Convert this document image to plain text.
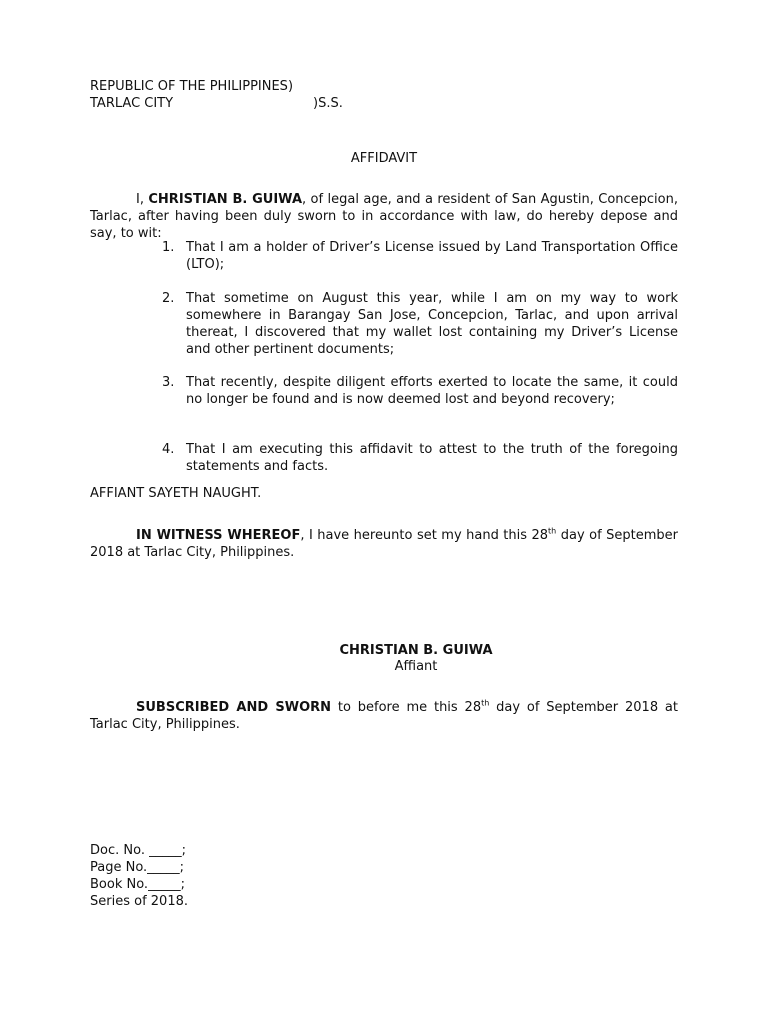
REPUBLIC OF THE PHILIPPINES)
TARLAC CITY	)S.S.
AFFIDAVIT

I, CHRISTIAN B. GUIWA, of legal age, and a resident of San Agustin, Concepcion, Tarlac, after having been duly sworn to in accordance with law, do hereby depose and say, to wit:

1. That I am a holder of Driver’s License issued by Land Transportation Office (LTO);
2. That sometime on August this year, while I am on my way to work somewhere in Barangay San Jose, Concepcion, Tarlac, and upon arrival thereat, I discovered that my wallet lost containing my Driver’s License and other pertinent documents;
3. That recently, despite diligent efforts exerted to locate the same, it could no longer be found and is now deemed lost and beyond recovery;
4. That I am executing this affidavit to attest to the truth of the foregoing statements and facts.
AFFIANT SAYETH NAUGHT.

IN WITNESS WHEREOF, I have hereunto set my hand this 28th day of September 2018 at Tarlac City, Philippines.

CHRISTIAN B. GUIWA
Affiant

SUBSCRIBED AND SWORN to before me this 28th day of September 2018 at Tarlac City, Philippines.

Doc. No. _____;
Page No._____;
Book No._____;
Series of 2018.
